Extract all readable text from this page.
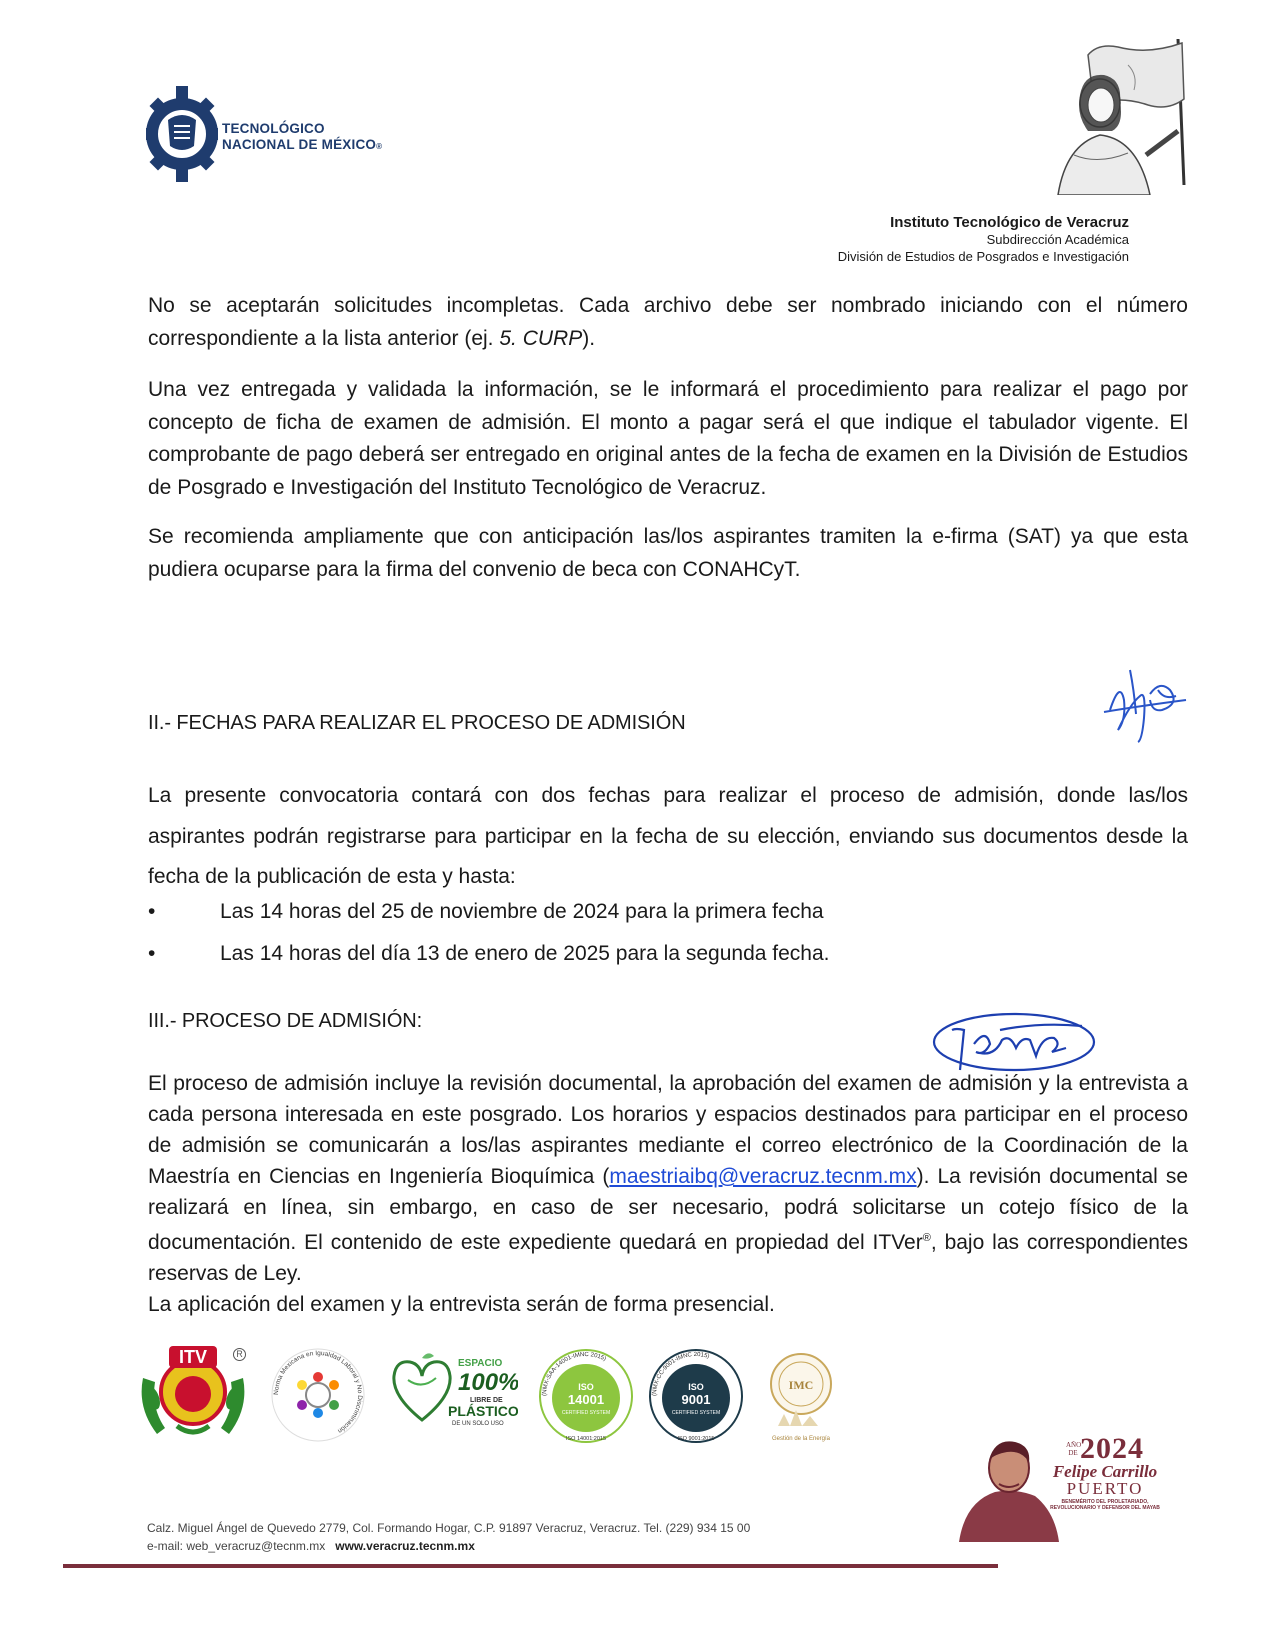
TECNOLÓGICO
NACIONAL DE MÉXICO®
Instituto Tecnológico de Veracruz
Subdirección Académica
División de Estudios de Posgrados e Investigación

No se aceptarán solicitudes incompletas. Cada archivo debe ser nombrado iniciando con el número correspondiente a la lista anterior (ej. 5. CURP).

Una vez entregada y validada la información, se le informará el procedimiento para realizar el pago por concepto de ficha de examen de admisión. El monto a pagar será el que indique el tabulador vigente. El comprobante de pago deberá ser entregado en original antes de la fecha de examen en la División de Estudios de Posgrado e Investigación del Instituto Tecnológico de Veracruz.

Se recomienda ampliamente que con anticipación las/los aspirantes tramiten la e-firma (SAT) ya que esta pudiera ocuparse para la firma del convenio de beca con CONAHCyT.

II.- FECHAS PARA REALIZAR EL PROCESO DE ADMISIÓN

La presente convocatoria contará con dos fechas para realizar el proceso de admisión, donde las/los aspirantes podrán registrarse para participar en la fecha de su elección, enviando sus documentos desde la fecha de la publicación de esta y hasta:

•	Las 14 horas del 25 de noviembre de 2024 para la primera fecha
•	Las 14 horas del día 13 de enero de 2025 para la segunda fecha.
III.- PROCESO DE ADMISIÓN:

El proceso de admisión incluye la revisión documental, la aprobación del examen de admisión y la entrevista a cada persona interesada en este posgrado. Los horarios y espacios destinados para participar en el proceso de admisión se comunicarán a los/las aspirantes mediante el correo electrónico de la Coordinación de la Maestría en Ciencias en Ingeniería Bioquímica (maestriaibq@veracruz.tecnm.mx). La revisión documental se realizará en línea, sin embargo, en caso de ser necesario, podrá solicitarse un cotejo físico de la documentación. El contenido de este expediente quedará en propiedad del ITVer®, bajo las correspondientes reservas de Ley.

La aplicación del examen y la entrevista serán de forma presencial.

ITV	R
Norma Mexicana en Igualdad Laboral y No Discriminación
ESPACIO
100%
LIBRE DE
PLÁSTICO
DE UN SOLO USO
(NMX-SAA-14001-IMNC 2015)
ISO
14001
CERTIFIED SYSTEM
ISO 14001:2015
(NMX-CC-9001-IMNC 2015)
ISO
9001
CERTIFIED SYSTEM
ISO 9001:2015
IMC
Gestión de la Energía
Calz. Miguel Ángel de Quevedo 2779, Col. Formando Hogar, C.P. 91897 Veracruz, Veracruz. Tel. (229) 934 15 00
e-mail: web_veracruz@tecnm.mx www.veracruz.tecnm.mx
AÑO DE 2024
Felipe Carrillo
PUERTO
BENEMÉRITO DEL PROLETARIADO, REVOLUCIONARIO Y DEFENSOR DEL MAYAB
